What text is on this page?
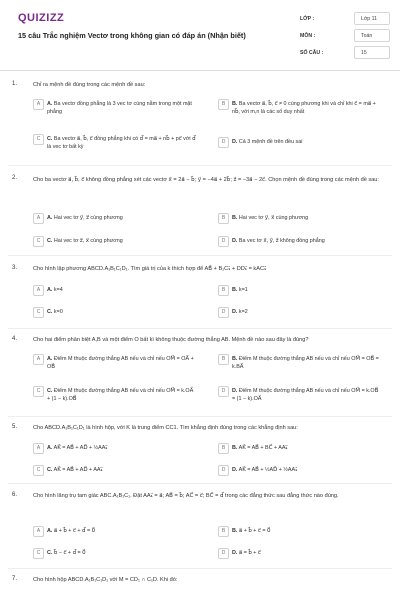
QUIZIZZ
15 câu Trắc nghiệm Vectơ trong không gian có đáp án (Nhận biết)
LỚP :	Lớp 11
MÔN :	Toán
SỐ CÂU :	15
1.	Chỉ ra mệnh đề đúng trong các mệnh đề sau:
A	A. Ba vectơ đồng phẳng là 3 vec tơ cùng nằm trong một mặt phẳng
B	B. Ba vectơ a⃗, b⃗, c⃗ ≠ 0 cùng phương khi và chỉ khi c⃗ = ma⃗ + nb⃗, với m,n là các số duy nhất
C	C. Ba vectơ a⃗, b⃗, c⃗ đồng phẳng khi có d⃗ = ma⃗ + nb⃗ + pc⃗ với d⃗ là vec tơ bất kỳ
D	D. Cả 3 mệnh đề trên đều sai
2.	Cho ba vectơ a⃗, b⃗, c⃗ không đồng phẳng xét các vectơ x⃗ = 2a⃗ − b⃗; y⃗ = −4a⃗ + 2b⃗; z⃗ = −3a⃗ − 2c⃗. Chọn mệnh đề đúng trong các mệnh đề sau:
A	A. Hai vec tơ y⃗, z⃗ cùng phương	B	B. Hai vec tơ y⃗, x⃗ cùng phương
C	C. Hai vec tơ z⃗, x⃗ cùng phương	D	D. Ba vec tơ x⃗, y⃗, z⃗ không đồng phẳng
3.	Cho hình lập phương ABCD.A₁B₁C₁D₁. Tìm giá trị của k thích hợp để AB⃗ + B₁C₁⃗ + DD₁⃗ = kAC₁⃗
A	A. k=4	B	B. k=1
C	C. k=0	D	D. k=2
4.	Cho hai điểm phân biệt A,B và một điểm O bất kì không thuộc đường thẳng AB. Mệnh đề nào sau đây là đúng?
A	A. Điểm M thuộc đường thẳng AB nếu và chỉ nếu OM⃗ = OA⃗ + OB⃗
B	B. Điểm M thuộc đường thẳng AB nếu và chỉ nếu OM⃗ = OB⃗ = k.BA⃗
C	C. Điểm M thuộc đường thẳng AB nếu và chỉ nếu OM⃗ = k.OA⃗ + (1 − k).OB⃗
D	D. Điểm M thuộc đường thẳng AB nếu và chỉ nếu OM⃗ = k.OB⃗ = (1 − k).OA⃗
5.	Cho ABCD.A₁B₁C₁D₁ là hình hộp, với K là trung điểm CC1. Tìm khẳng định đúng trong các khẳng định sau:
A	A. AK⃗ = AB⃗ + AD⃗ + ½AA₁⃗	B	B. AK⃗ = AB⃗ + BC⃗ + AA₁⃗
C	C. AK⃗ = AB⃗ + AD⃗ + AA₁⃗	D	D. AK⃗ = AB⃗ + ½AD⃗ + ½AA₁⃗
6.	Cho hình lăng trụ tam giác ABC.A₁B₁C₁. Đặt AA₁⃗ = a⃗; AB⃗ = b⃗; AC⃗ = c⃗; BC⃗ = d⃗ trong các đẳng thức sau đẳng thức nào đúng.
A	A. a⃗ + b⃗ + c⃗ + d⃗ = 0⃗	B	B. a⃗ + b⃗ + c⃗ = 0⃗
C	C. b⃗ − c⃗ + d⃗ = 0⃗	D	D. a⃗ = b⃗ + c⃗
7.	Cho hình hộp ABCD.A₁B₁C₁D₁ với M = CD₁ ∩ C₁D. Khi đó:
